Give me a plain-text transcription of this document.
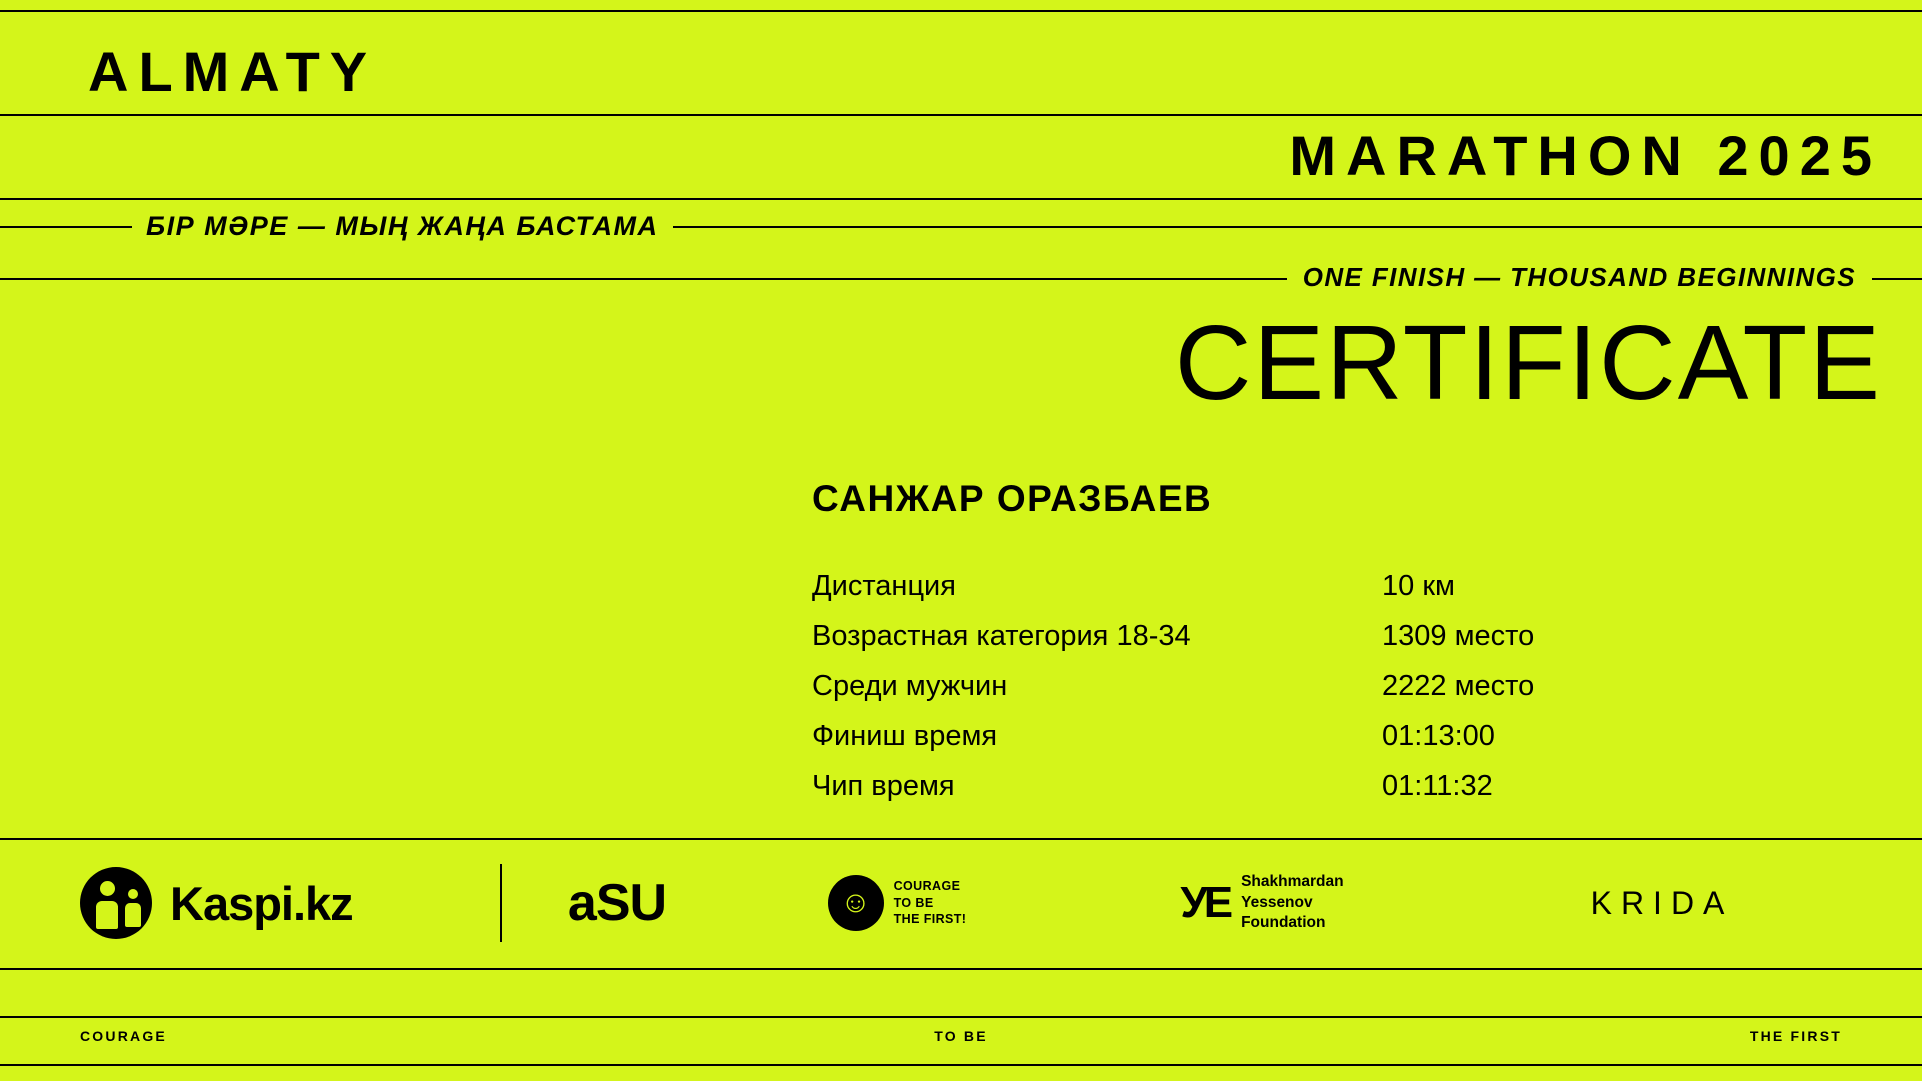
ALMATY
MARATHON 2025
БІР МӘРЕ — МЫҢ ЖАҢА БАСТАМА
ONE FINISH — THOUSAND BEGINNINGS
CERTIFICATE
САНЖАР ОРАЗБАЕВ
Дистанция	10 км
Возрастная категория 18-34	1309 место
Среди мужчин	2222 место
Финиш время	01:13:00
Чип время	01:11:32
Kaspi.kz	aSU	☺
COURAGE
TO BE
THE FIRST!	УЕ Shakhmardan
Yessenov
Foundation
KRIDA
COURAGE	TO BE	THE FIRST
